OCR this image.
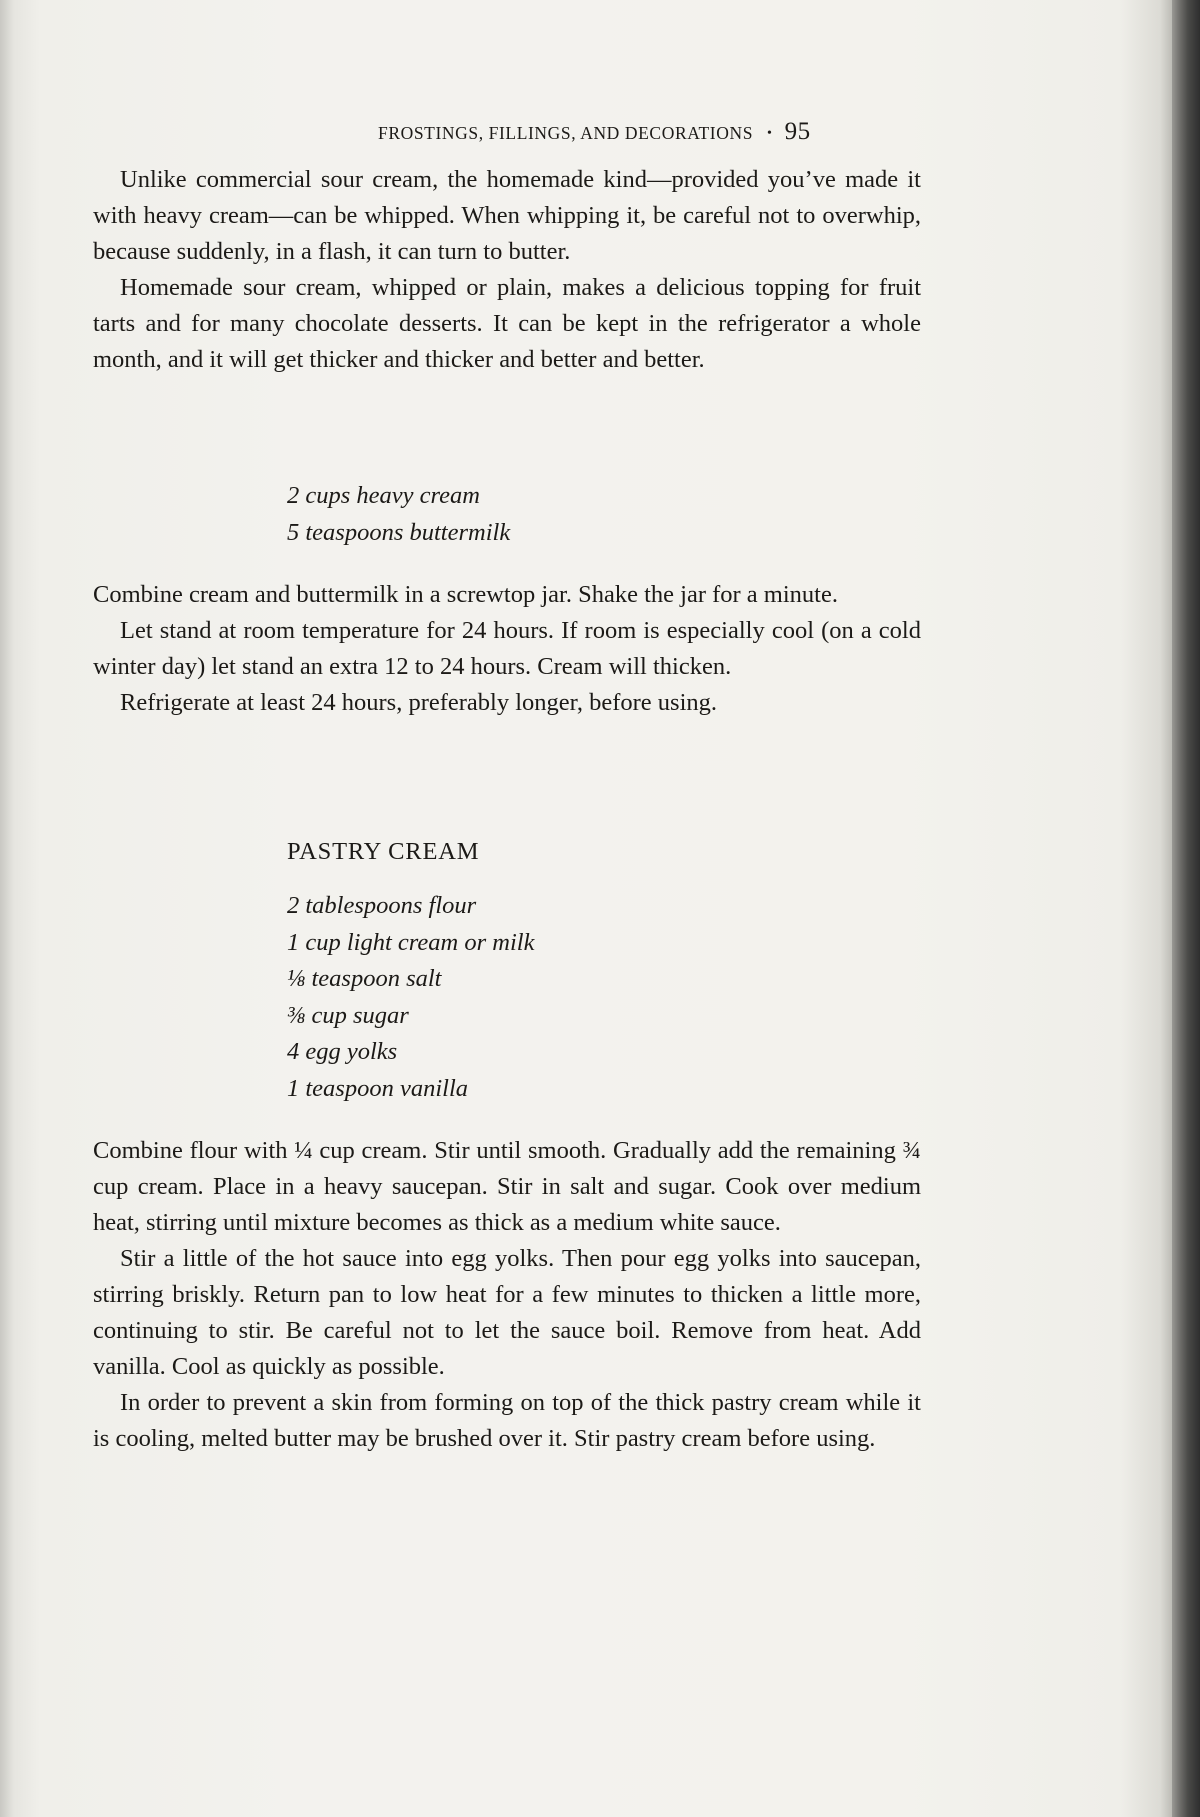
FROSTINGS, FILLINGS, AND DECORATIONS • 95

Unlike commercial sour cream, the homemade kind—provided you’ve made it with heavy cream—can be whipped. When whipping it, be careful not to overwhip, because suddenly, in a flash, it can turn to butter.

Homemade sour cream, whipped or plain, makes a delicious topping for fruit tarts and for many chocolate desserts. It can be kept in the refrigerator a whole month, and it will get thicker and thicker and better and better.

2 cups heavy cream
5 teaspoons buttermilk

Combine cream and buttermilk in a screwtop jar. Shake the jar for a minute.

Let stand at room temperature for 24 hours. If room is especially cool (on a cold winter day) let stand an extra 12 to 24 hours. Cream will thicken.

Refrigerate at least 24 hours, preferably longer, before using.

PASTRY CREAM
2 tablespoons flour
1 cup light cream or milk
⅛ teaspoon salt
⅜ cup sugar
4 egg yolks
1 teaspoon vanilla

Combine flour with ¼ cup cream. Stir until smooth. Gradually add the remaining ¾ cup cream. Place in a heavy saucepan. Stir in salt and sugar. Cook over medium heat, stirring until mixture becomes as thick as a medium white sauce.

Stir a little of the hot sauce into egg yolks. Then pour egg yolks into saucepan, stirring briskly. Return pan to low heat for a few minutes to thicken a little more, continuing to stir. Be careful not to let the sauce boil. Remove from heat. Add vanilla. Cool as quickly as possible.

In order to prevent a skin from forming on top of the thick pastry cream while it is cooling, melted butter may be brushed over it. Stir pastry cream before using.
